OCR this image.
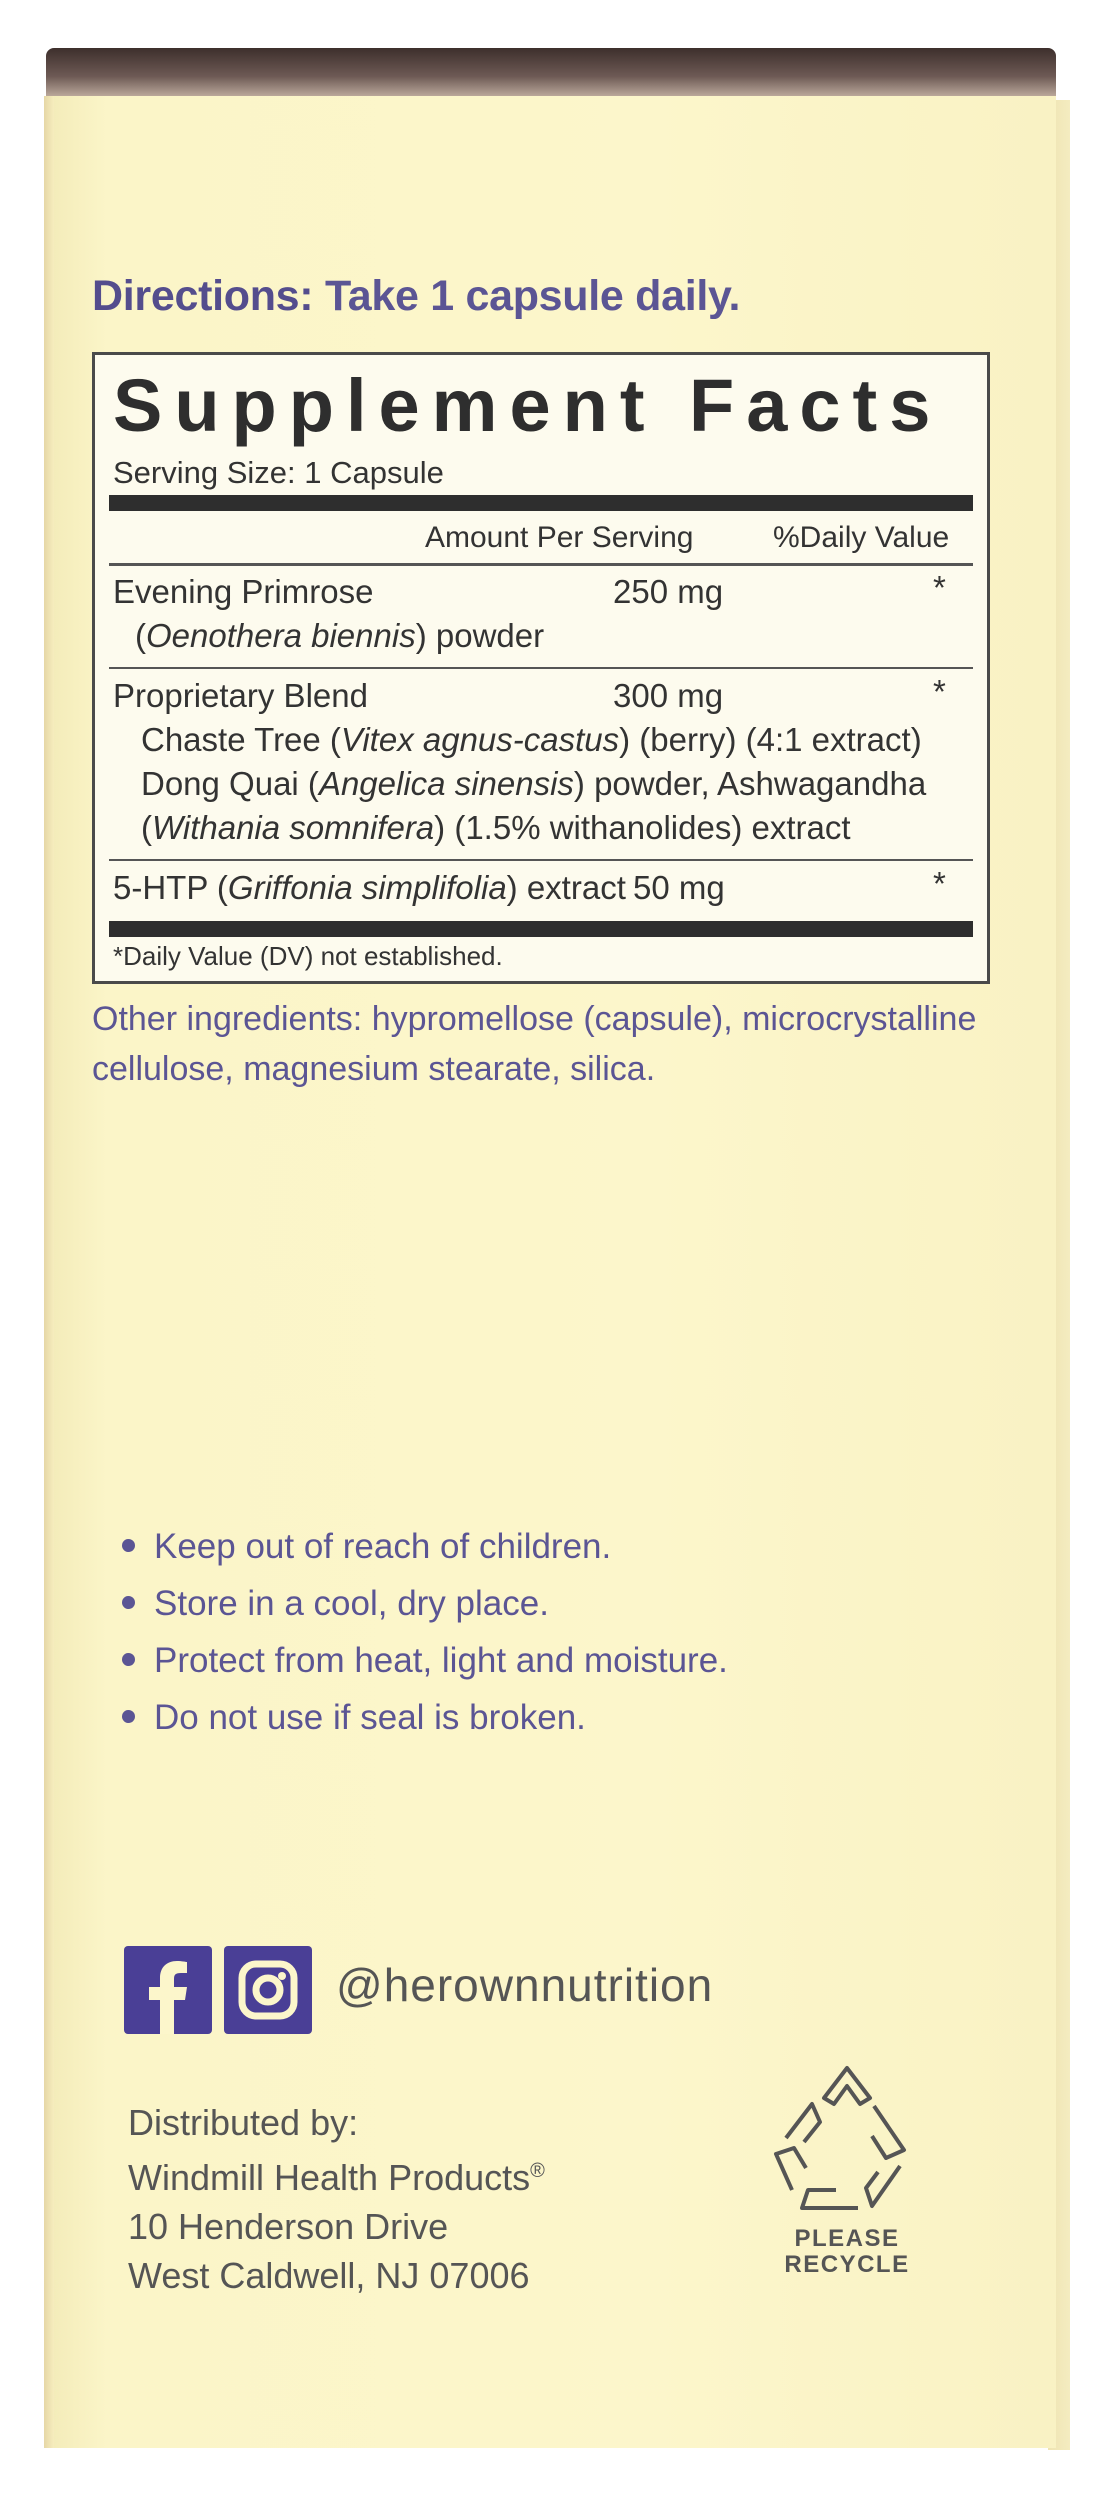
Directions: Take 1 capsule daily.
Supplement Facts
Serving Size: 1 Capsule
Amount Per Serving	%Daily Value
Evening Primrose	250 mg	*
(Oenothera biennis) powder
Proprietary Blend	300 mg	*
Chaste Tree (Vitex agnus-castus) (berry) (4:1 extract)
Dong Quai (Angelica sinensis) powder, Ashwagandha
(Withania somnifera) (1.5% withanolides) extract
5-HTP (Griffonia simplifolia) extract 50 mg	*
*Daily Value (DV) not established.
Other ingredients: hypromellose (capsule), microcrystalline cellulose, magnesium stearate, silica.
Keep out of reach of children.
Store in a cool, dry place.
Protect from heat, light and moisture.
Do not use if seal is broken.
@herownnutrition
Distributed by:
Windmill Health Products®
10 Henderson Drive
West Caldwell, NJ 07006
PLEASE
RECYCLE
